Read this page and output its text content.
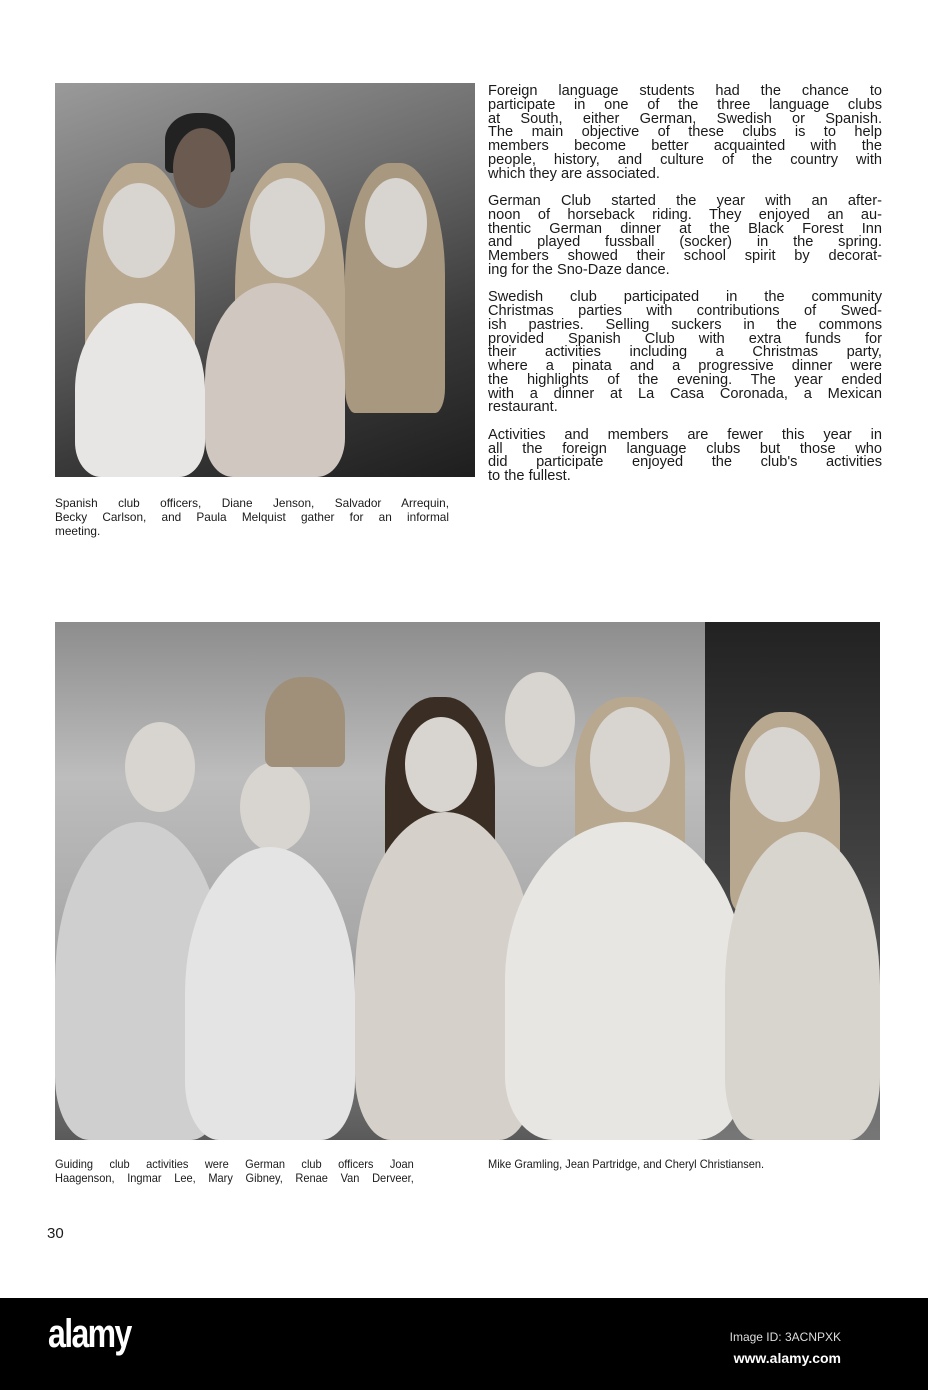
Foreign language students had the chance to
participate in one of the three language clubs
at South, either German, Swedish or Spanish.
The main objective of these clubs is to help
members become better acquainted with the
people, history, and culture of the country with
which they are associated.
German Club started the year with an after-
noon of horseback riding. They enjoyed an au-
thentic German dinner at the Black Forest Inn
and played fussball (socker) in the spring.
Members showed their school spirit by decorat-
ing for the Sno-Daze dance.
Swedish club participated in the community
Christmas parties with contributions of Swed-
ish pastries. Selling suckers in the commons
provided Spanish Club with extra funds for
their activities including a Christmas party,
where a pinata and a progressive dinner were
the highlights of the evening. The year ended
with a dinner at La Casa Coronada, a Mexican
restaurant.
Activities and members are fewer this year in
all the foreign language clubs but those who
did participate enjoyed the club's activities
to the fullest.
Spanish club officers, Diane Jenson, Salvador Arrequin,
Becky Carlson, and Paula Melquist gather for an informal
meeting.
Guiding club activities were German club officers Joan
Haagenson, Ingmar Lee, Mary Gibney, Renae Van Derveer,
Mike Gramling, Jean Partridge, and Cheryl Christiansen.
30
alamy	Image ID: 3ACNPXK
www.alamy.com
